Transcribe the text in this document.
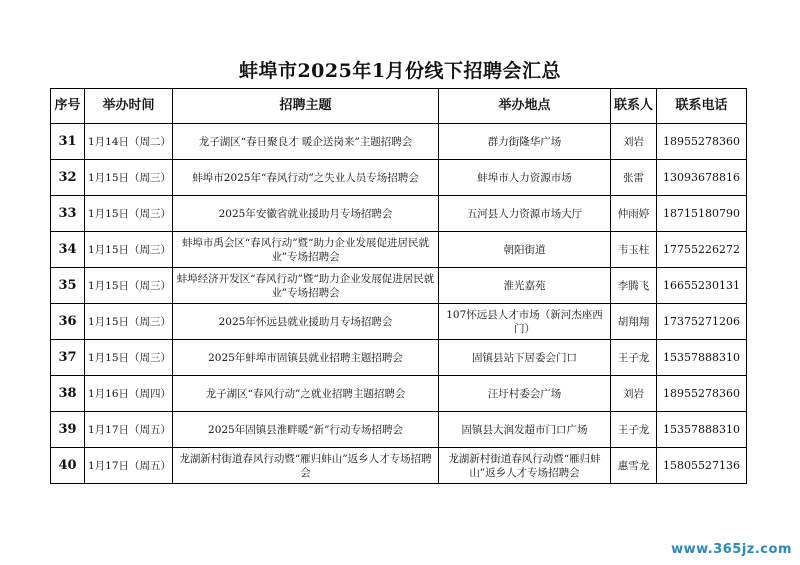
蚌埠市2025年1月份线下招聘会汇总
序号	举办时间	招聘主题	举办地点	联系人	联系电话
31	1月14日（周二）	龙子湖区“春日聚良才 暖企送岗来”主题招聘会	群力街隆华广场	刘岩	18955278360
32	1月15日（周三）	蚌埠市2025年“春风行动”之失业人员专场招聘会	蚌埠市人力资源市场	张雷	13093678816
33	1月15日（周三）	2025年安徽省就业援助月专场招聘会	五河县人力资源市场大厅	仲雨婷	18715180790
34	1月15日（周三）	蚌埠市禹会区“春风行动”暨“助力企业发展促进居民就业”专场招聘会	朝阳街道	韦玉柱	17755226272
35	1月15日（周三）	蚌埠经济开发区“春风行动”暨“助力企业发展促进居民就业”专场招聘会	淮光嘉苑	李腾飞	16655230131
36	1月15日（周三）	2025年怀远县就业援助月专场招聘会	107怀远县人才市场（新河杰座西门）	胡翔翔	17375271206
37	1月15日（周三）	2025年蚌埠市固镇县就业招聘主题招聘会	固镇县站下居委会门口	王子龙	15357888310
38	1月16日（周四）	龙子湖区“春风行动”之就业招聘主题招聘会	汪圩村委会广场	刘岩	18955278360
39	1月17日（周五）	2025年固镇县淮畔暖“新”行动专场招聘会	固镇县大润发超市门口广场	王子龙	15357888310
40	1月17日（周五）	龙湖新村街道春风行动暨“雁归蚌山”返乡人才专场招聘会	龙湖新村街道春风行动暨“雁归蚌山”返乡人才专场招聘会	惠雪龙	15805527136
www.365jz.com
